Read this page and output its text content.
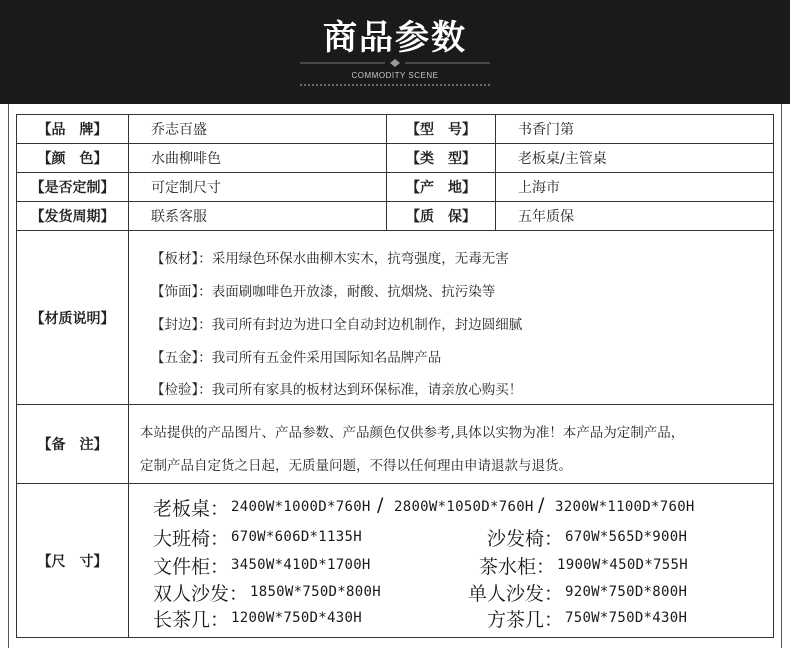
商品参数
COMMODITY SCENE
【品　牌】	乔志百盛	【型　号】	书香门第
【颜　色】	水曲柳啡色	【类　型】	老板桌/主管桌
【是否定制】	可定制尺寸	【产　地】	上海市
【发货周期】	联系客服	【质　保】	五年质保
【材质说明】
【板材】：采用绿色环保水曲柳木实木，抗弯强度，无毒无害
【饰面】：表面刷咖啡色开放漆，耐酸、抗烟烧、抗污染等
【封边】：我司所有封边为进口全自动封边机制作，封边圆细腻
【五金】：我司所有五金件采用国际知名品牌产品
【检验】：我司所有家具的板材达到环保标准，请亲放心购买！
【备　注】
本站提供的产品图片、产品参数、产品颜色仅供参考,具体以实物为准！本产品为定制产品，
定制产品自定货之日起，无质量问题，不得以任何理由申请退款与退货。
【尺　寸】
老板桌： 2400W*1000D*760H / 2800W*1050D*760H / 3200W*1100D*760H
大班椅： 670W*606D*1135H	沙发椅： 670W*565D*900H
文件柜： 3450W*410D*1700H	茶水柜： 1900W*450D*755H
双人沙发： 1850W*750D*800H	单人沙发： 920W*750D*800H
长茶几： 1200W*750D*430H	方茶几： 750W*750D*430H
